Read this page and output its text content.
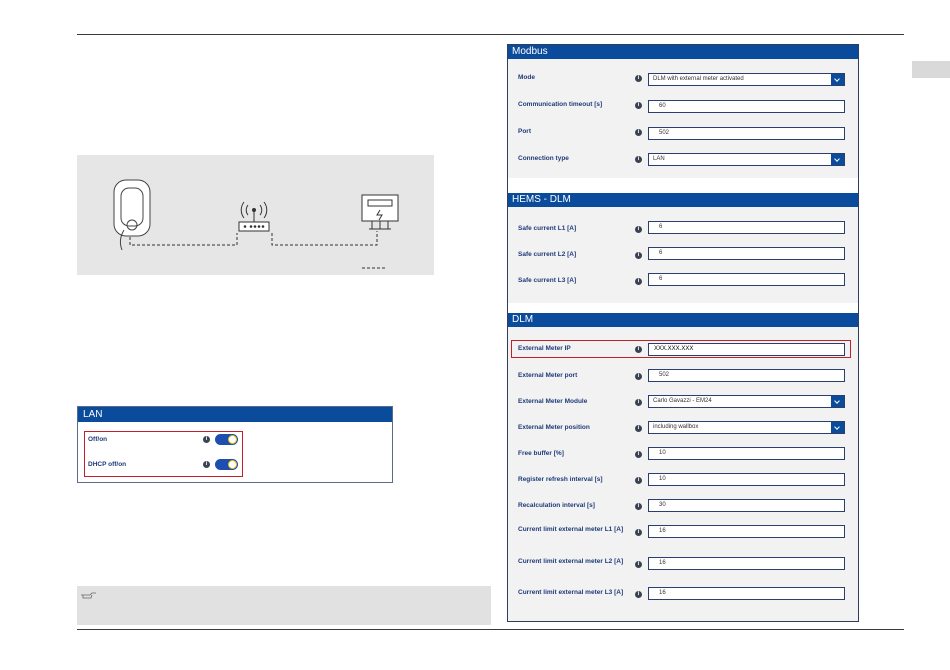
LAN
Off/on	i
DHCP off/on	i
Modbus
Mode	i	DLM with external meter activated
Communication timeout [s]	i	60
Port	i	502
Connection type	i	LAN
HEMS - DLM
Safe current L1 [A]	i	6
Safe current L2 [A]	i	6
Safe current L3 [A]	i	6
DLM
External Meter IP	i	XXX.XXX.XXX
External Meter port	i	502
External Meter Module	i	Carlo Gavazzi - EM24
External Meter position	i	including wallbox
Free buffer [%]	i	10
Register refresh interval [s]	i	10
Recalculation interval [s]	i	30
Current limit external meter L1 [A]	i	16
Current limit external meter L2 [A]	i	16
Current limit external meter L3 [A]	i	16
